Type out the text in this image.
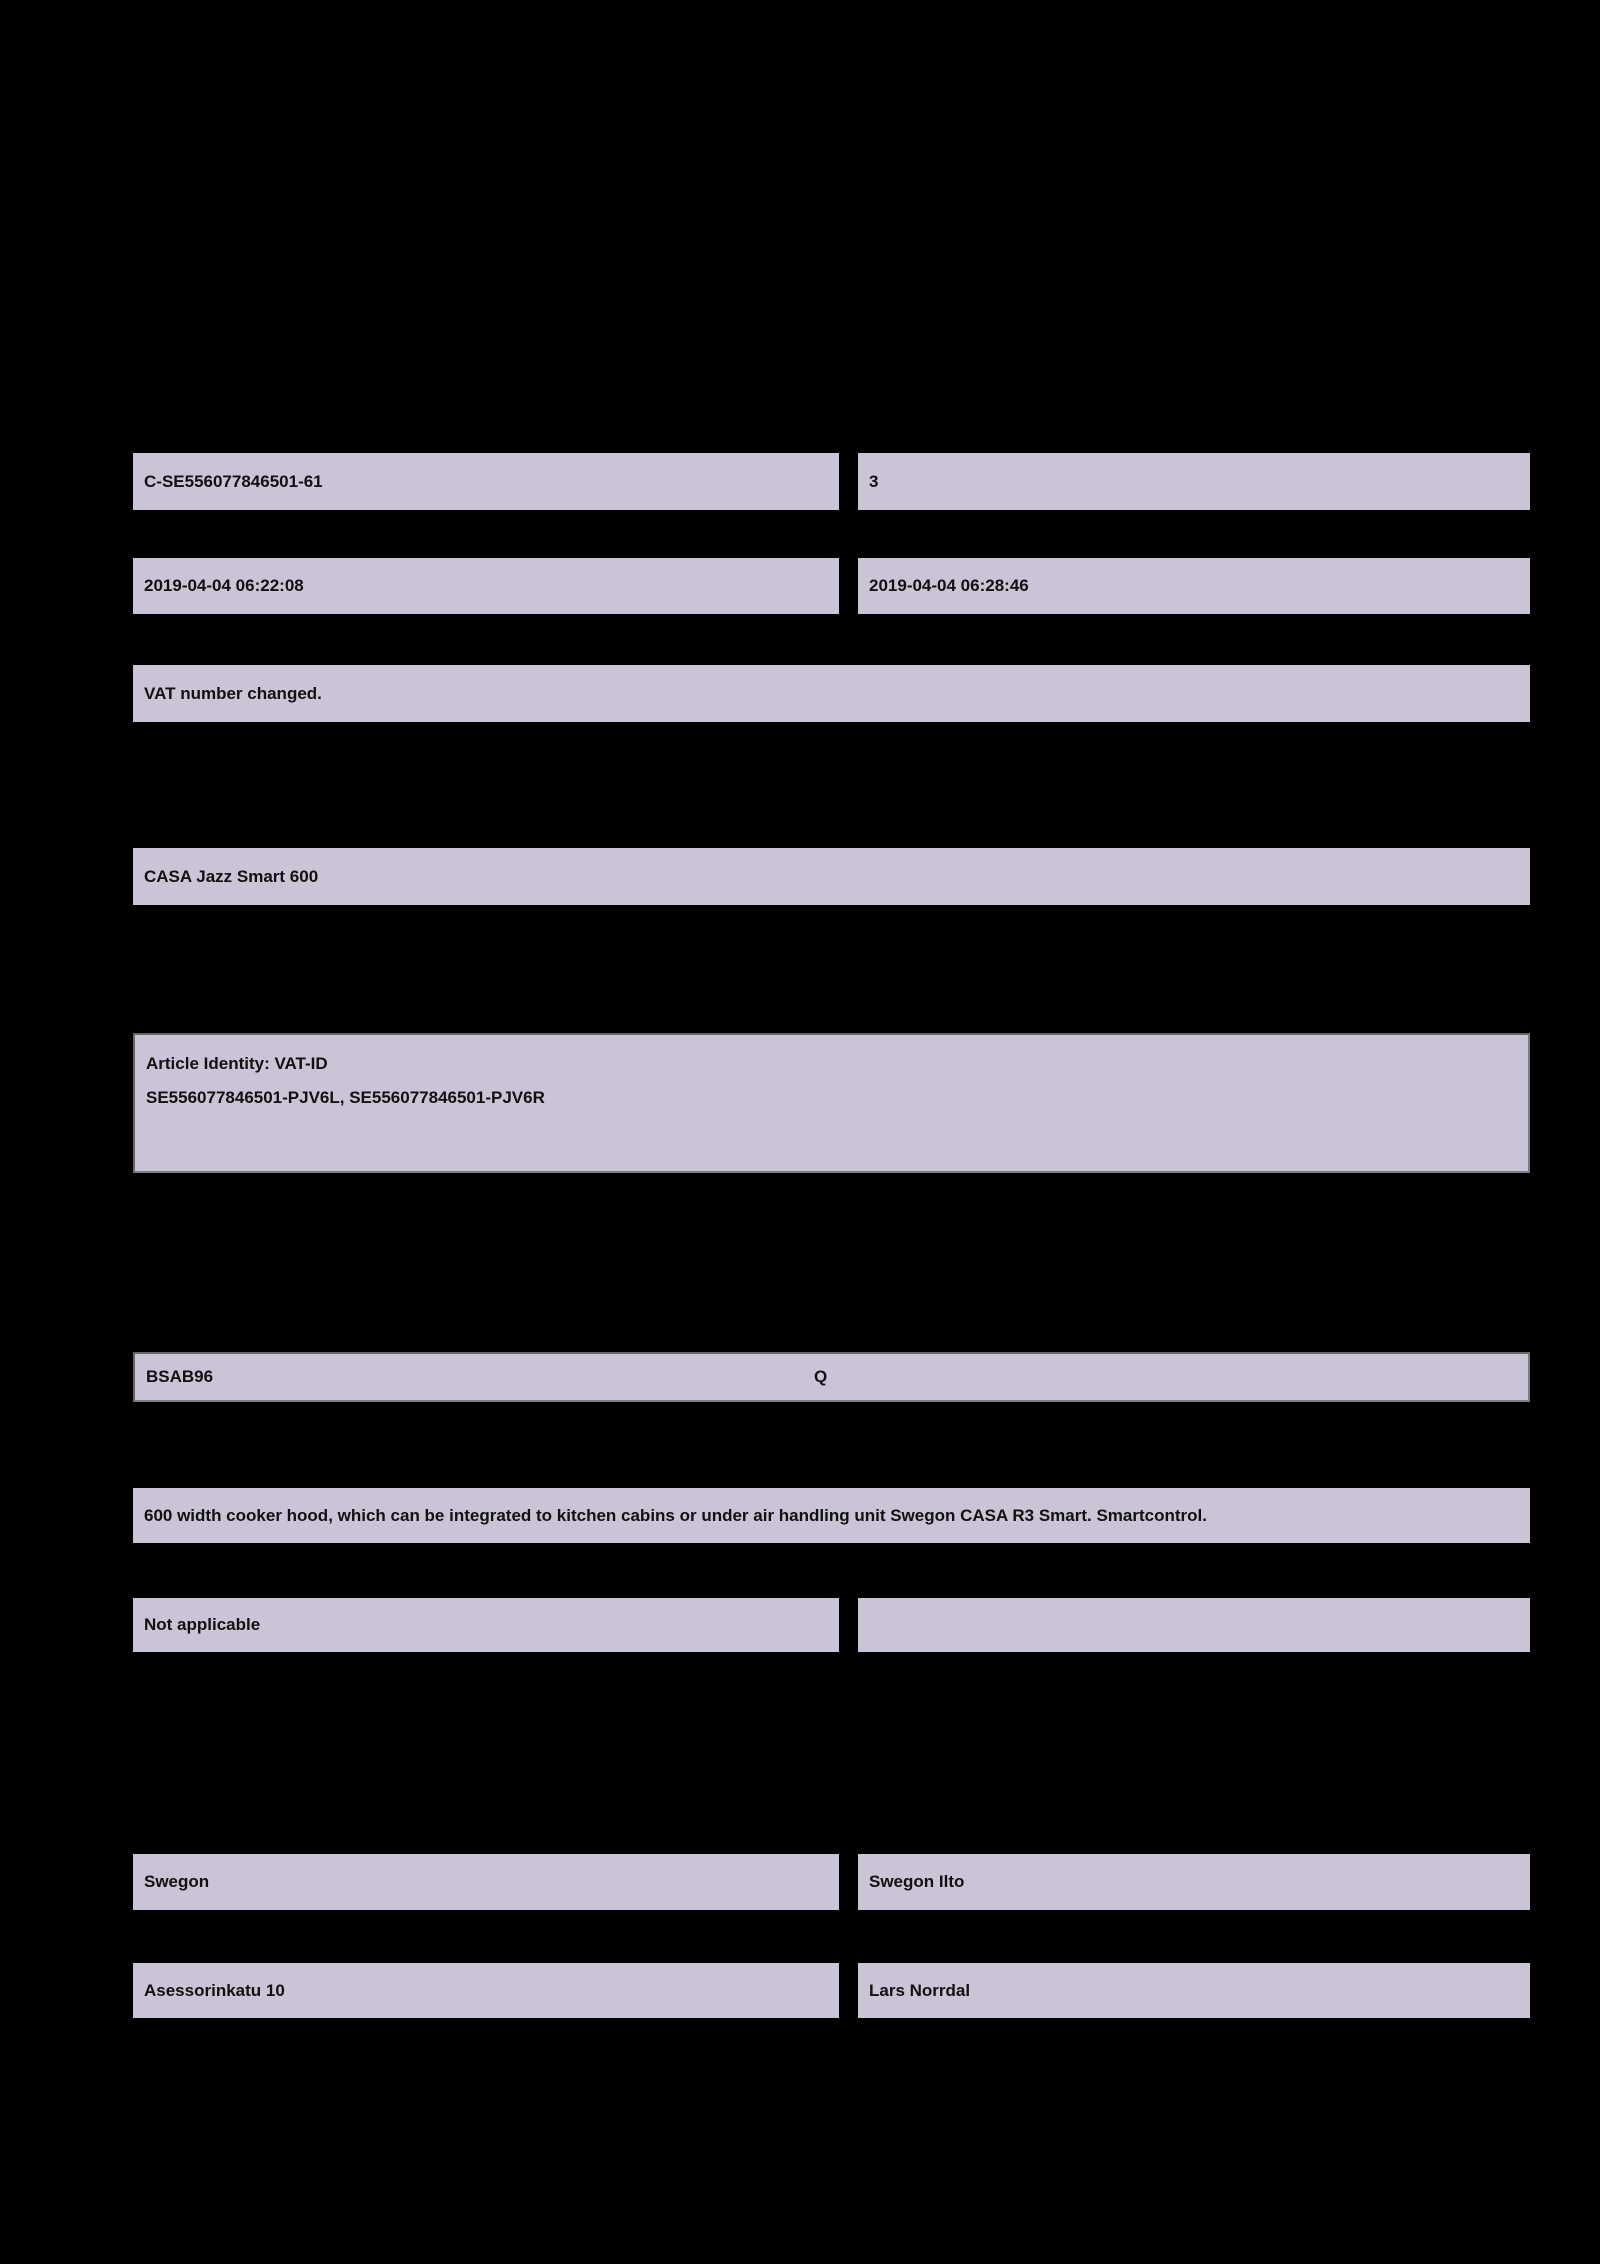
C-SE556077846501-61	3
2019-04-04 06:22:08	2019-04-04 06:28:46
VAT number changed.
CASA Jazz Smart 600
Article Identity: VAT-ID
SE556077846501-PJV6L, SE556077846501-PJV6R
BSAB96	Q
600 width cooker hood, which can be integrated to kitchen cabins or under air handling unit Swegon CASA R3 Smart. Smartcontrol.
Not applicable
Swegon	Swegon Ilto
Asessorinkatu 10	Lars Norrdal
